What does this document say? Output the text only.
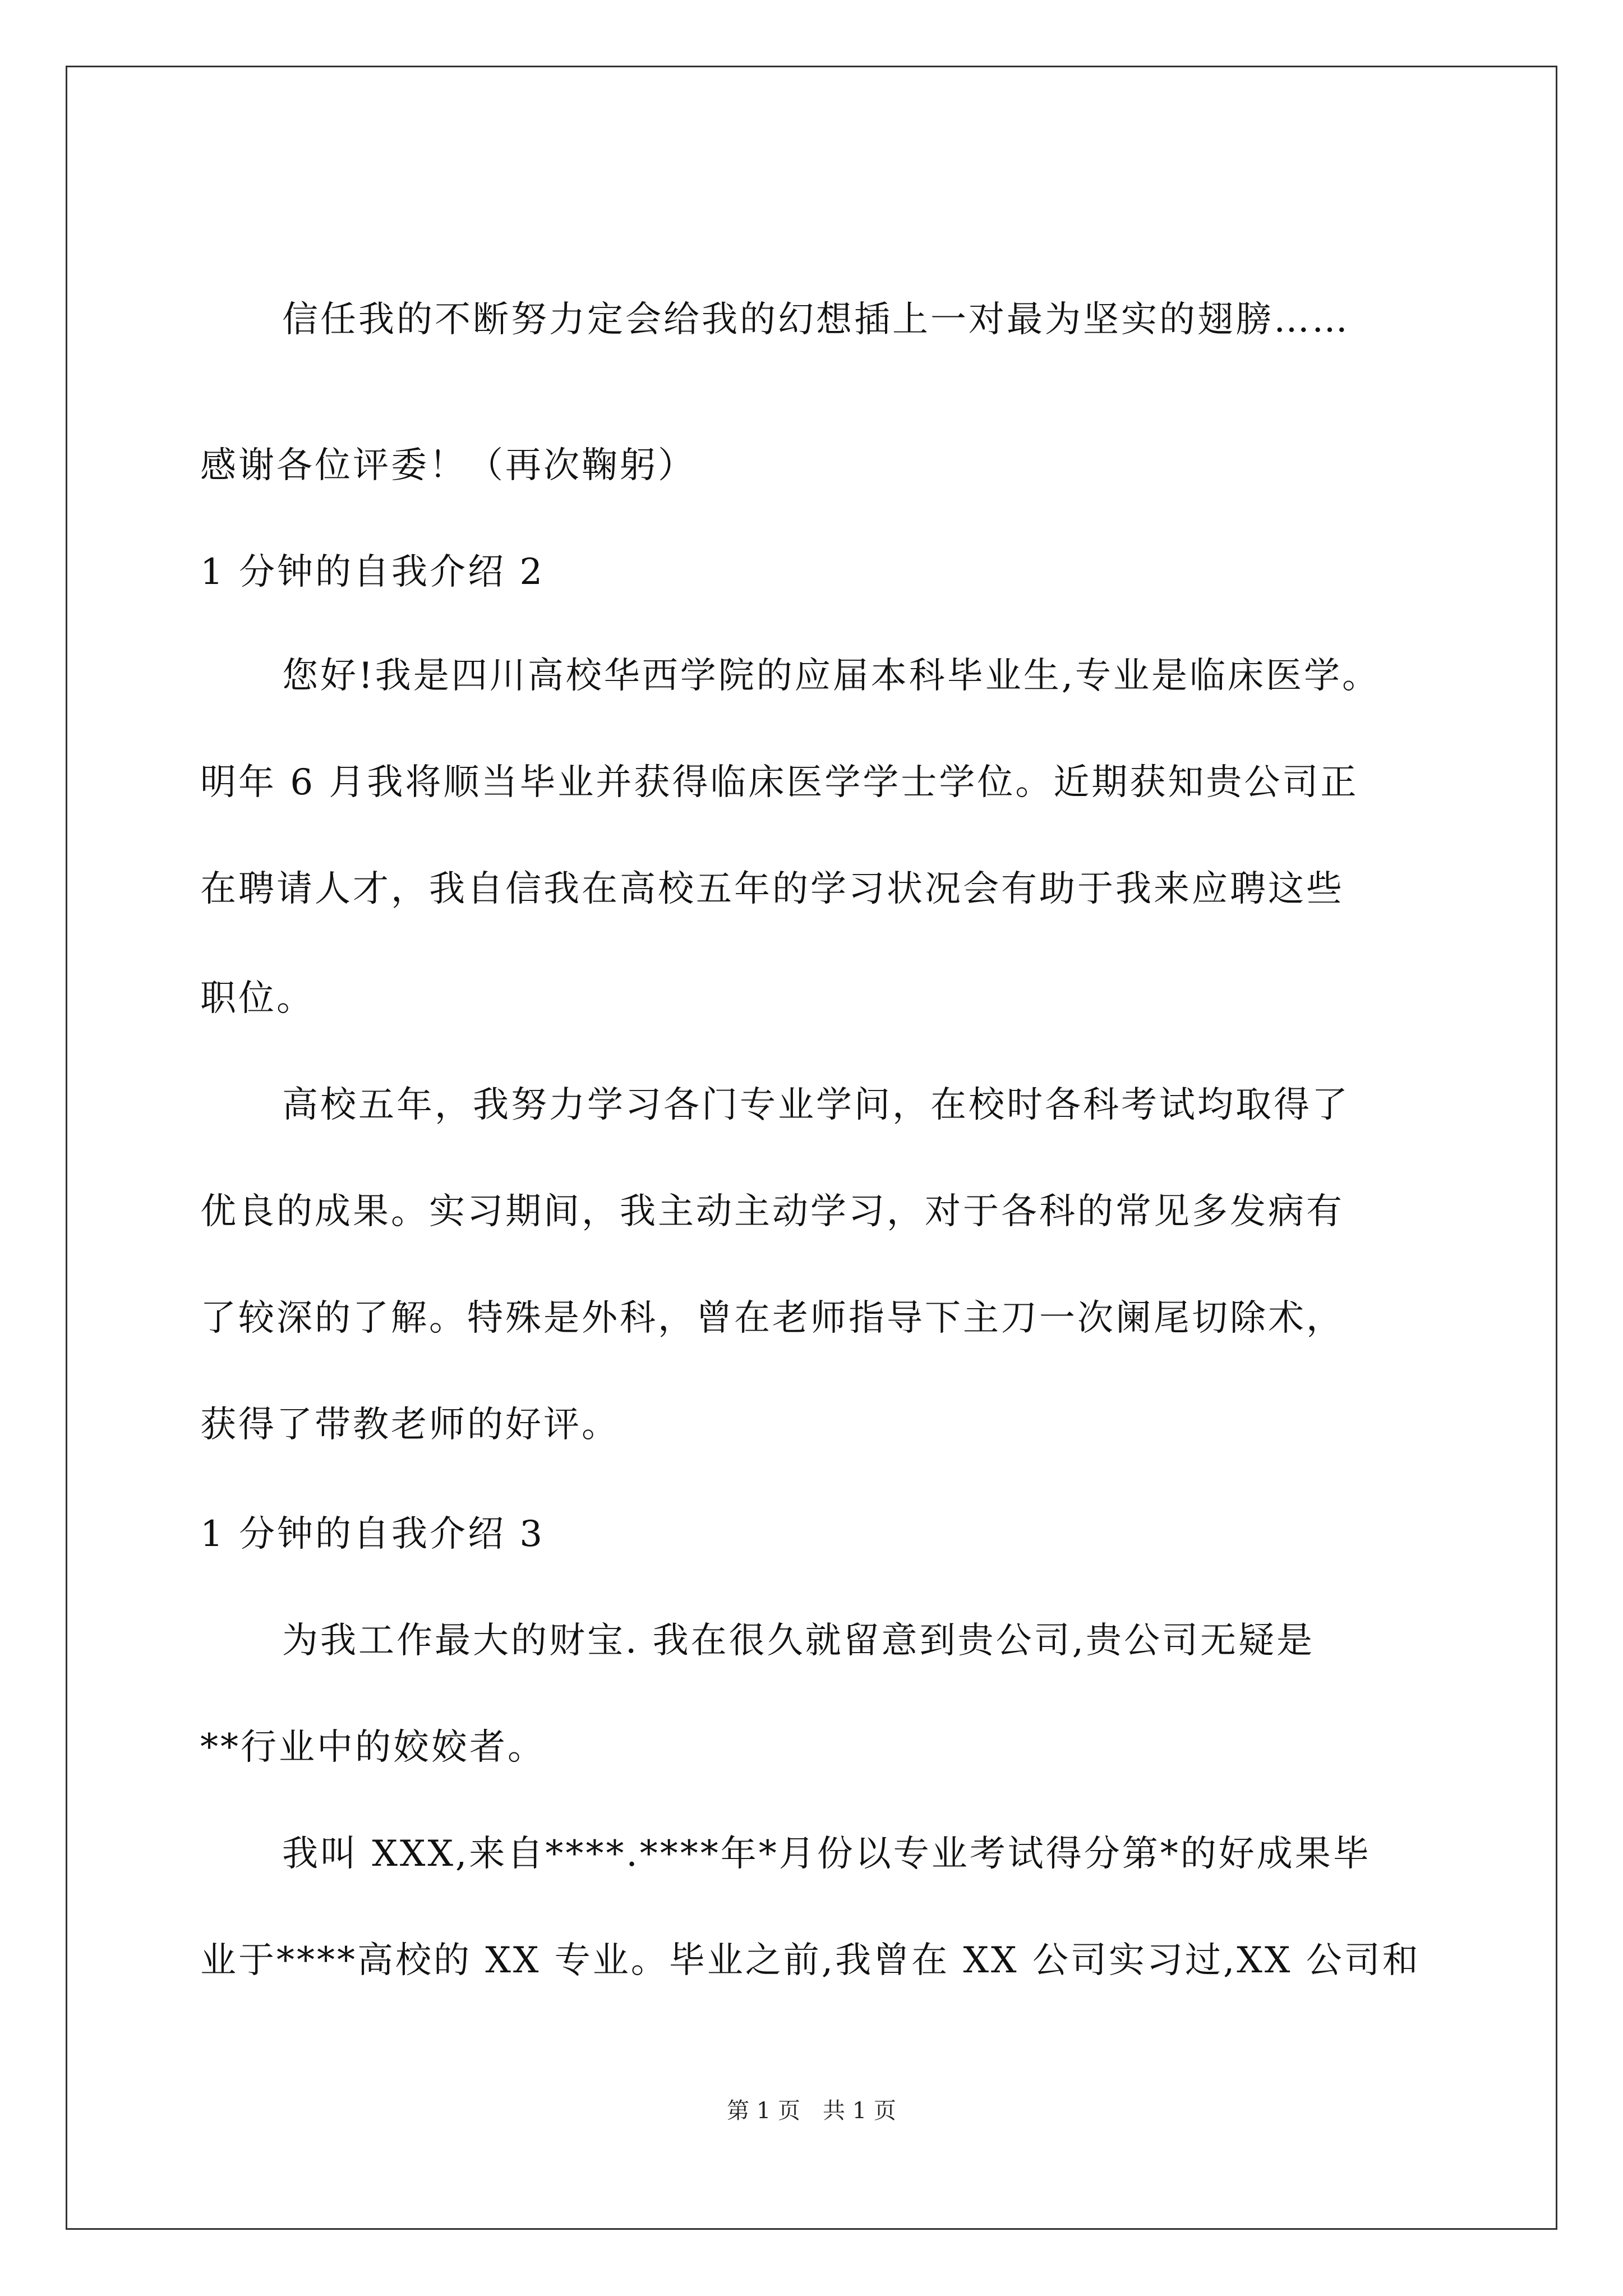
信任我的不断努力定会给我的幻想插上一对最为坚实的翅膀……
感谢各位评委！（再次鞠躬）
1 分钟的自我介绍 2
您好!我是四川高校华西学院的应届本科毕业生,专业是临床医学。
明年 6 月我将顺当毕业并获得临床医学学士学位。近期获知贵公司正
在聘请人才，我自信我在高校五年的学习状况会有助于我来应聘这些
职位。
高校五年，我努力学习各门专业学问，在校时各科考试均取得了
优良的成果。实习期间，我主动主动学习，对于各科的常见多发病有
了较深的了解。特殊是外科，曾在老师指导下主刀一次阑尾切除术，
获得了带教老师的好评。
1 分钟的自我介绍 3
为我工作最大的财宝. 我在很久就留意到贵公司,贵公司无疑是
**行业中的姣姣者。
我叫 XXX,来自****.****年*月份以专业考试得分第*的好成果毕
业于****高校的 XX 专业。毕业之前,我曾在 XX 公司实习过,XX 公司和
第 1 页　共 1 页
